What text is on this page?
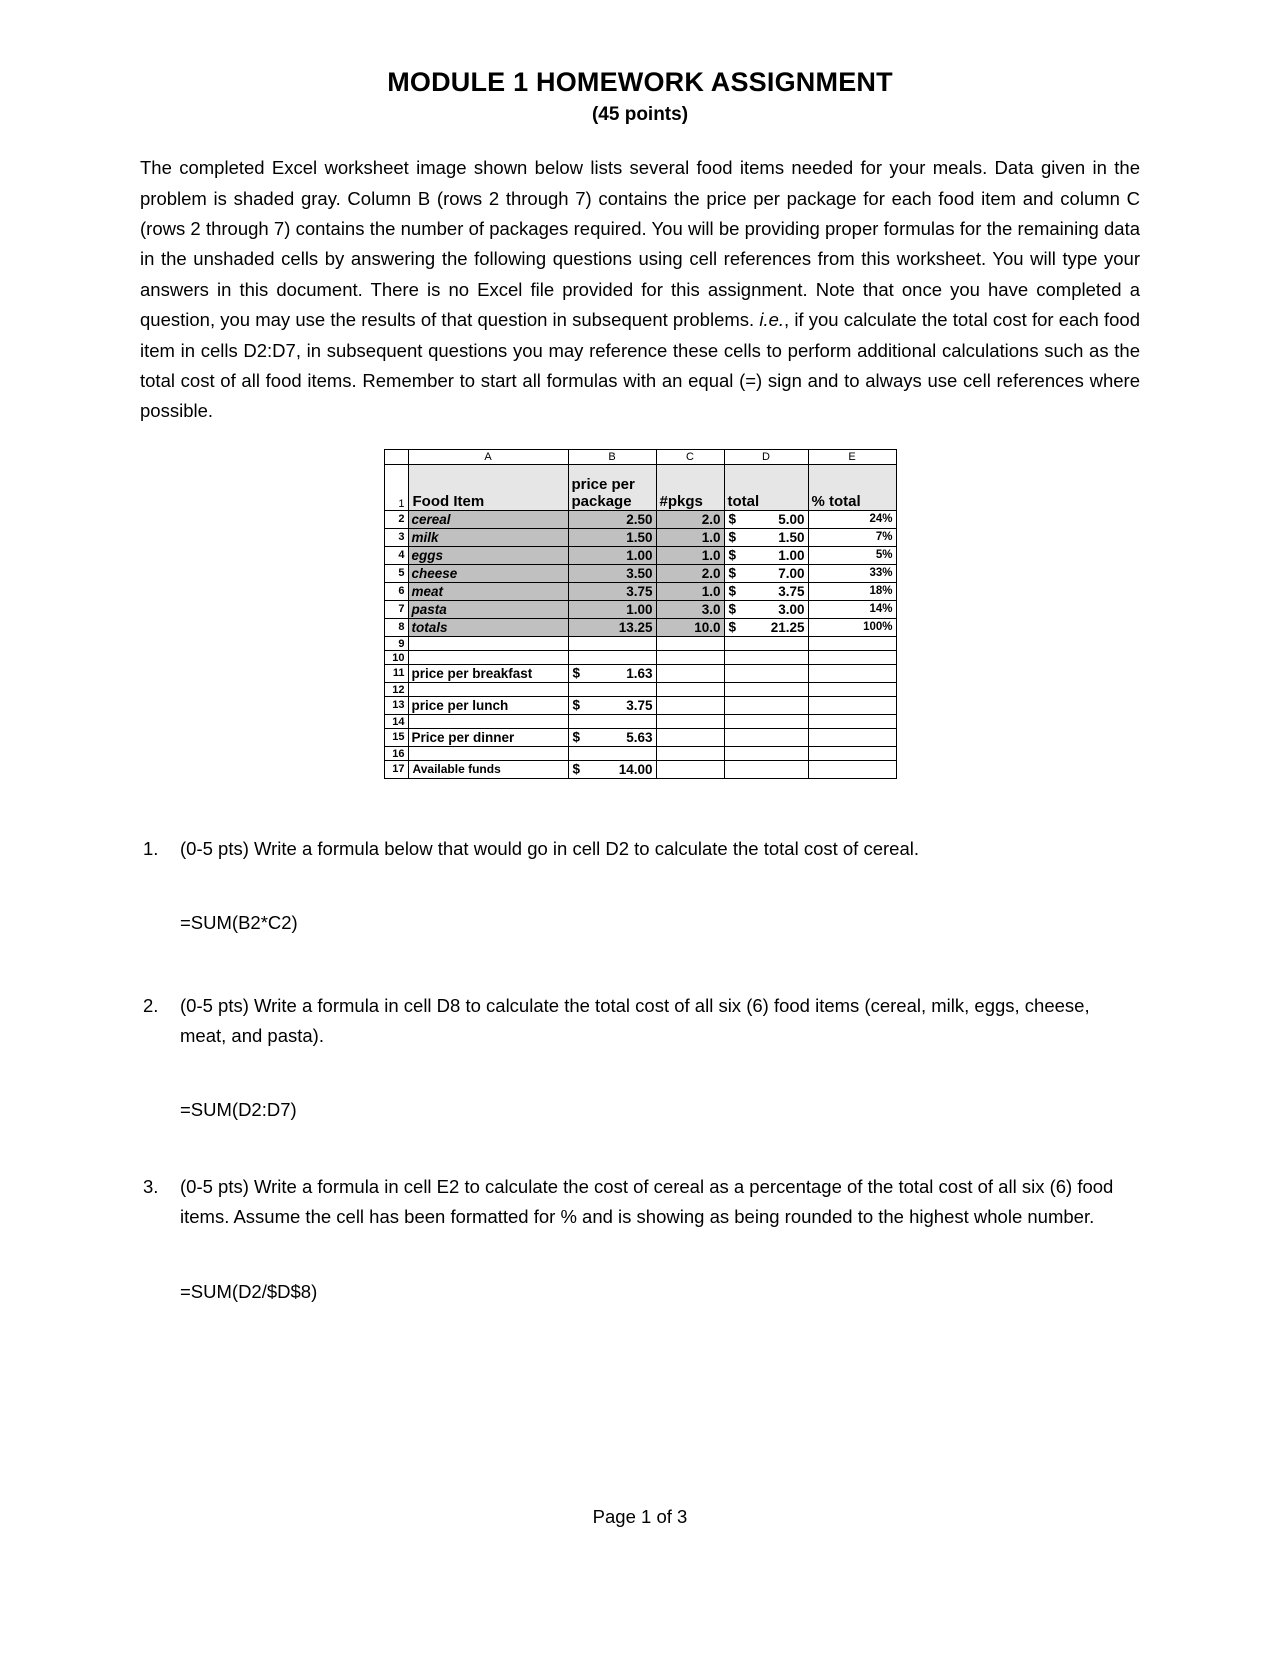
MODULE 1 HOMEWORK ASSIGNMENT
(45 points)

The completed Excel worksheet image shown below lists several food items needed for your meals. Data given in the problem is shaded gray. Column B (rows 2 through 7) contains the price per package for each food item and column C (rows 2 through 7) contains the number of packages required. You will be providing proper formulas for the remaining data in the unshaded cells by answering the following questions using cell references from this worksheet. You will type your answers in this document. There is no Excel file provided for this assignment. Note that once you have completed a question, you may use the results of that question in subsequent problems. i.e., if you calculate the total cost for each food item in cells D2:D7, in subsequent questions you may reference these cells to perform additional calculations such as the total cost of all food items. Remember to start all formulas with an equal (=) sign and to always use cell references where possible.

	A	B	C	D	E
1	Food Item	price per package	#pkgs	total	% total
2	cereal	2.50	2.0	$ 5.00	24%
3	milk	1.50	1.0	$ 1.50	7%
4	eggs	1.00	1.0	$ 1.00	5%
5	cheese	3.50	2.0	$ 7.00	33%
6	meat	3.75	1.0	$ 3.75	18%
7	pasta	1.00	3.0	$ 3.00	14%
8	totals	13.25	10.0	$ 21.25	100%
9					
10					
11	price per breakfast	$ 1.63			
12					
13	price per lunch	$ 3.75			
14					
15	Price per dinner	$ 5.63			
16					
17	Available funds	$ 14.00			
1. (0-5 pts) Write a formula below that would go in cell D2 to calculate the total cost of cereal.
=SUM(B2*C2)
2. (0-5 pts) Write a formula in cell D8 to calculate the total cost of all six (6) food items (cereal, milk, eggs, cheese, meat, and pasta).
=SUM(D2:D7)
3. (0-5 pts) Write a formula in cell E2 to calculate the cost of cereal as a percentage of the total cost of all six (6) food items. Assume the cell has been formatted for % and is showing as being rounded to the highest whole number.
=SUM(D2/$D$8)
Page 1 of 3
